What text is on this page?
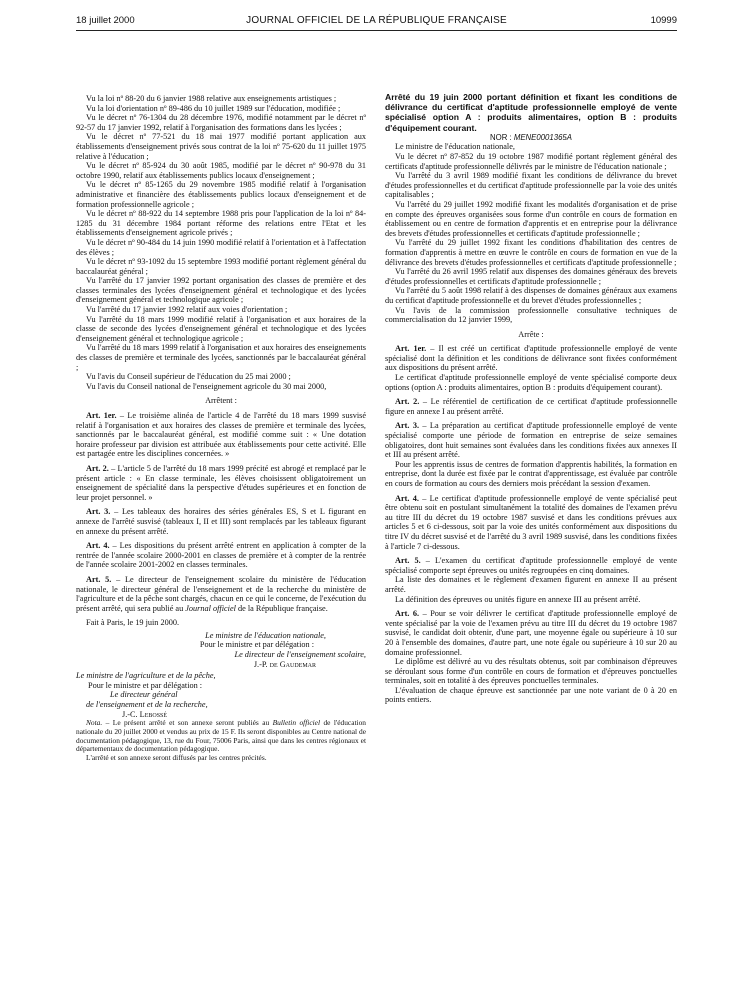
18 juillet 2000	JOURNAL OFFICIEL DE LA RÉPUBLIQUE FRANÇAISE	10999

Vu la loi nº 88-20 du 6 janvier 1988 relative aux enseignements artistiques ;

Vu la loi d'orientation nº 89-486 du 10 juillet 1989 sur l'éducation, modifiée ;

Vu le décret nº 76-1304 du 28 décembre 1976, modifié notamment par le décret nº 92-57 du 17 janvier 1992, relatif à l'organisation des formations dans les lycées ;

Vu le décret nº 77-521 du 18 mai 1977 modifié portant application aux établissements d'enseignement privés sous contrat de la loi nº 75-620 du 11 juillet 1975 relative à l'éducation ;

Vu le décret nº 85-924 du 30 août 1985, modifié par le décret nº 90-978 du 31 octobre 1990, relatif aux établissements publics locaux d'enseignement ;

Vu le décret nº 85-1265 du 29 novembre 1985 modifié relatif à l'organisation administrative et financière des établissements publics locaux d'enseignement et de formation professionnelle agricole ;

Vu le décret nº 88-922 du 14 septembre 1988 pris pour l'application de la loi nº 84-1285 du 31 décembre 1984 portant réforme des relations entre l'Etat et les établissements d'enseignement agricole privés ;

Vu le décret nº 90-484 du 14 juin 1990 modifié relatif à l'orientation et à l'affectation des élèves ;

Vu le décret nº 93-1092 du 15 septembre 1993 modifié portant règlement général du baccalauréat général ;

Vu l'arrêté du 17 janvier 1992 portant organisation des classes de première et des classes terminales des lycées d'enseignement général et technologique et des lycées d'enseignement général et technologique agricole ;

Vu l'arrêté du 17 janvier 1992 relatif aux voies d'orientation ;

Vu l'arrêté du 18 mars 1999 modifié relatif à l'organisation et aux horaires de la classe de seconde des lycées d'enseignement général et technologique et des lycées d'enseignement général et technologique agricole ;

Vu l'arrêté du 18 mars 1999 relatif à l'organisation et aux horaires des enseignements des classes de première et terminale des lycées, sanctionnés par le baccalauréat général ;

Vu l'avis du Conseil supérieur de l'éducation du 25 mai 2000 ;

Vu l'avis du Conseil national de l'enseignement agricole du 30 mai 2000,

Arrêtent :

Art. 1er. – Le troisième alinéa de l'article 4 de l'arrêté du 18 mars 1999 susvisé relatif à l'organisation et aux horaires des classes de première et terminale des lycées, sanctionnés par le baccalauréat général, est modifié comme suit : « Une dotation horaire professeur par division est attribuée aux établissements pour cette activité. Elle est partagée entre les disciplines concernées. »

Art. 2. – L'article 5 de l'arrêté du 18 mars 1999 précité est abrogé et remplacé par le présent article : « En classe terminale, les élèves choisissent obligatoirement un enseignement de spécialité dans la perspective d'études supérieures et en fonction de leur projet personnel. »

Art. 3. – Les tableaux des horaires des séries générales ES, S et L figurant en annexe de l'arrêté susvisé (tableaux I, II et III) sont remplacés par les tableaux figurant en annexe du présent arrêté.

Art. 4. – Les dispositions du présent arrêté entrent en application à compter de la rentrée de l'année scolaire 2000-2001 en classes de première et à compter de la rentrée de l'année scolaire 2001-2002 en classes terminales.

Art. 5. – Le directeur de l'enseignement scolaire du ministère de l'éducation nationale, le directeur général de l'enseignement et de la recherche du ministère de l'agriculture et de la pêche sont chargés, chacun en ce qui le concerne, de l'exécution du présent arrêté, qui sera publié au Journal officiel de la République française.

Fait à Paris, le 19 juin 2000.

Le ministre de l'éducation nationale,

Pour le ministre et par délégation :

Le directeur de l'enseignement scolaire,

J.-P. de Gaudemar

Le ministre de l'agriculture et de la pêche,

Pour le ministre et par délégation :

Le directeur général

de l'enseignement et de la recherche,

J.-C. Lebossé

Nota. – Le présent arrêté et son annexe seront publiés au Bulletin officiel de l'éducation nationale du 20 juillet 2000 et vendus au prix de 15 F. Ils seront disponibles au Centre national de documentation pédagogique, 13, rue du Four, 75006 Paris, ainsi que dans les centres régionaux et départementaux de documentation pédagogique.

L'arrêté et son annexe seront diffusés par les centres précités.

Arrêté du 19 juin 2000 portant définition et fixant les conditions de délivrance du certificat d'aptitude professionnelle employé de vente spécialisé option A : produits alimentaires, option B : produits d'équipement courant.

NOR : MENE0001365A

Le ministre de l'éducation nationale,

Vu le décret nº 87-852 du 19 octobre 1987 modifié portant règlement général des certificats d'aptitude professionnelle délivrés par le ministre de l'éducation nationale ;

Vu l'arrêté du 3 avril 1989 modifié fixant les conditions de délivrance du brevet d'études professionnelles et du certificat d'aptitude professionnelle par la voie des unités capitalisables ;

Vu l'arrêté du 29 juillet 1992 modifié fixant les modalités d'organisation et de prise en compte des épreuves organisées sous forme d'un contrôle en cours de formation en établissement ou en centre de formation d'apprentis et en entreprise pour la délivrance des brevets d'études professionnelles et certificats d'aptitude professionnelle ;

Vu l'arrêté du 29 juillet 1992 fixant les conditions d'habilitation des centres de formation d'apprentis à mettre en œuvre le contrôle en cours de formation en vue de la délivrance des brevets d'études professionnelles et certificats d'aptitude professionnelle ;

Vu l'arrêté du 26 avril 1995 relatif aux dispenses des domaines généraux des brevets d'études professionnelles et certificats d'aptitude professionnelle ;

Vu l'arrêté du 5 août 1998 relatif à des dispenses de domaines généraux aux examens du certificat d'aptitude professionnelle et du brevet d'études professionnelles ;

Vu l'avis de la commission professionnelle consultative techniques de commercialisation du 12 janvier 1999,

Arrête :

Art. 1er. – Il est créé un certificat d'aptitude professionnelle employé de vente spécialisé dont la définition et les conditions de délivrance sont fixées conformément aux dispositions du présent arrêté.

Le certificat d'aptitude professionnelle employé de vente spécialisé comporte deux options (option A : produits alimentaires, option B : produits d'équipement courant).

Art. 2. – Le référentiel de certification de ce certificat d'aptitude professionnelle figure en annexe I au présent arrêté.

Art. 3. – La préparation au certificat d'aptitude professionnelle employé de vente spécialisé comporte une période de formation en entreprise de seize semaines obligatoires, dont huit semaines sont évaluées dans les conditions fixées aux annexes II et III au présent arrêté.

Pour les apprentis issus de centres de formation d'apprentis habilités, la formation en entreprise, dont la durée est fixée par le contrat d'apprentissage, est évaluée par contrôle en cours de formation au cours des derniers mois précédant la session d'examen.

Art. 4. – Le certificat d'aptitude professionnelle employé de vente spécialisé peut être obtenu soit en postulant simultanément la totalité des domaines de l'examen prévu au titre III du décret du 19 octobre 1987 susvisé et dans les conditions prévues aux articles 5 et 6 ci-dessous, soit par la voie des unités conformément aux dispositions du titre IV du décret susvisé et de l'arrêté du 3 avril 1989 susvisé, dans les conditions fixées à l'article 7 ci-dessous.

Art. 5. – L'examen du certificat d'aptitude professionnelle employé de vente spécialisé comporte sept épreuves ou unités regroupées en cinq domaines.

La liste des domaines et le règlement d'examen figurent en annexe II au présent arrêté.

La définition des épreuves ou unités figure en annexe III au présent arrêté.

Art. 6. – Pour se voir délivrer le certificat d'aptitude professionnelle employé de vente spécialisé par la voie de l'examen prévu au titre III du décret du 19 octobre 1987 susvisé, le candidat doit obtenir, d'une part, une moyenne égale ou supérieure à 10 sur 20 à l'ensemble des domaines, d'autre part, une note égale ou supérieure à 10 sur 20 au domaine professionnel.

Le diplôme est délivré au vu des résultats obtenus, soit par combinaison d'épreuves se déroulant sous forme d'un contrôle en cours de formation et d'épreuves ponctuelles terminales, soit en totalité à des épreuves ponctuelles terminales.

L'évaluation de chaque épreuve est sanctionnée par une note variant de 0 à 20 en points entiers.
